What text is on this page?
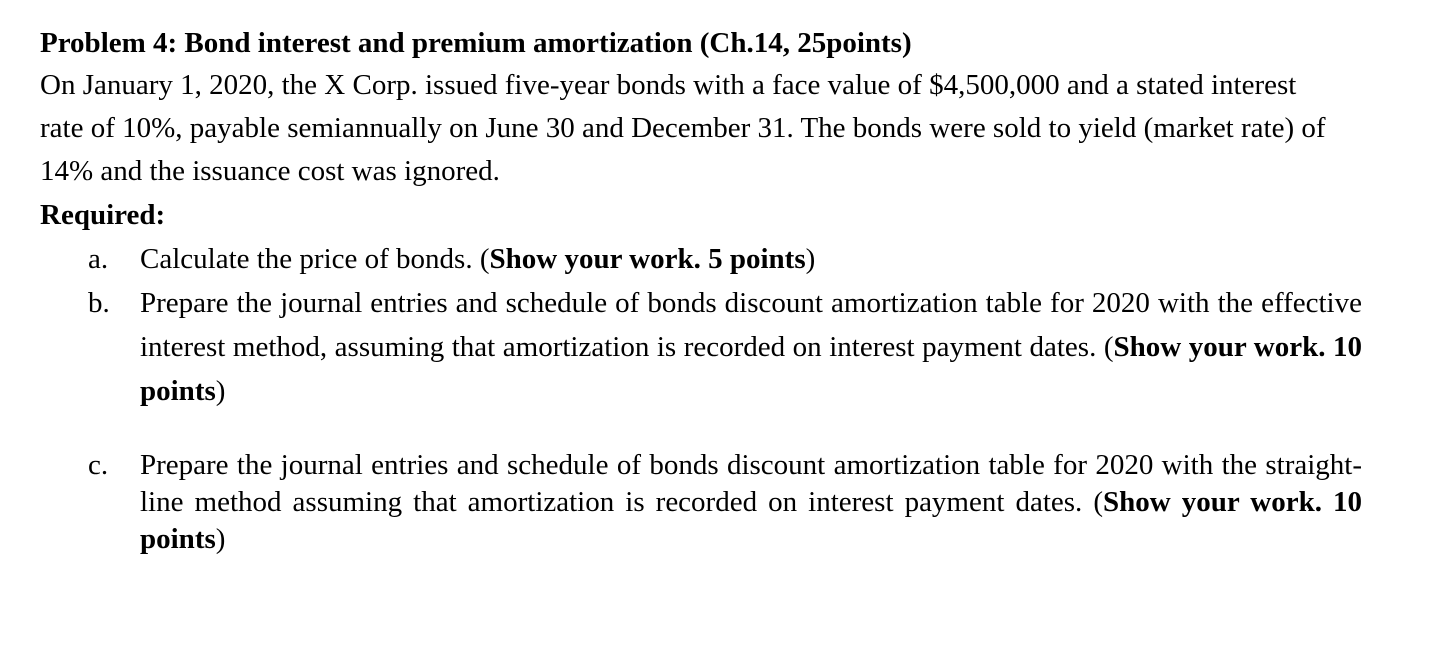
Problem 4: Bond interest and premium amortization (Ch.14, 25points)

On January 1, 2020, the X Corp. issued five-year bonds with a face value of $4,500,000 and a stated interest rate of 10%, payable semiannually on June 30 and December 31. The bonds were sold to yield (market rate) of 14% and the issuance cost was ignored.

Required:

a. Calculate the price of bonds. (Show your work. 5 points)
b. Prepare the journal entries and schedule of bonds discount amortization table for 2020 with the effective interest method, assuming that amortization is recorded on interest payment dates. (Show your work. 10 points)
c. Prepare the journal entries and schedule of bonds discount amortization table for 2020 with the straight-line method assuming that amortization is recorded on interest payment dates. (Show your work. 10 points)
